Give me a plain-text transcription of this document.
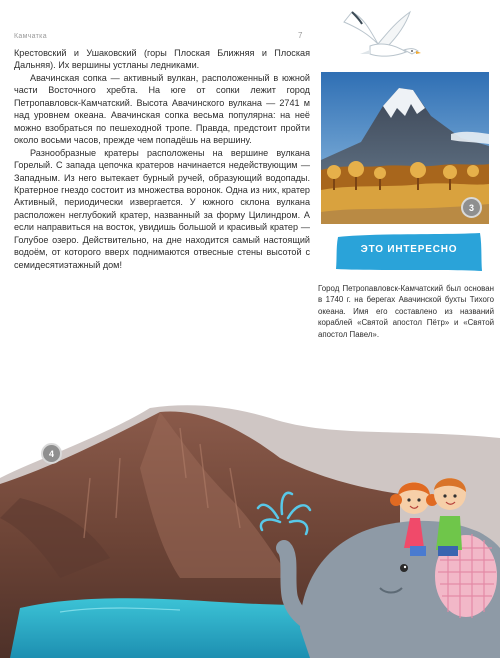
Камчатка	7

Крестовский и Ушаковский (горы Плоская Ближняя и Плоская Дальняя). Их вершины устланы ледниками.

Авачинская сопка — активный вулкан, расположенный в южной части Восточного хребта. На юге от сопки лежит город Петропавловск-Камчатский. Высота Авачинского вулкана — 2741 м над уровнем океана. Авачинская сопка весьма популярна: на неё можно взобраться по пешеходной тропе. Правда, предстоит пройти около восьми часов, прежде чем попадёшь на вершину.

Разнообразные кратеры расположены на вершине вулкана Горелый. С запада цепочка кратеров начинается недействующим — Западным. Из него вытекает бурный ручей, образующий водопады. Кратерное гнездо состоит из множества воронок. Одна из них, кратер Активный, периодически извергается. У южного склона вулкана расположен неглубокий кратер, названный за форму Цилиндром. А если направиться на восток, увидишь большой и красивый кратер — Голубое озеро. Действительно, на дне находится самый настоящий водоём, от которого вверх поднимаются отвесные стены высотой с семидесятиэтажный дом!

3
ЭТО ИНТЕРЕСНО
Город Петропавловск-Камчатский был основан в 1740 г. на берегах Авачинской бухты Тихого океана. Имя его составлено из названий кораблей «Святой апостол Пётр» и «Святой апостол Павел».
4
